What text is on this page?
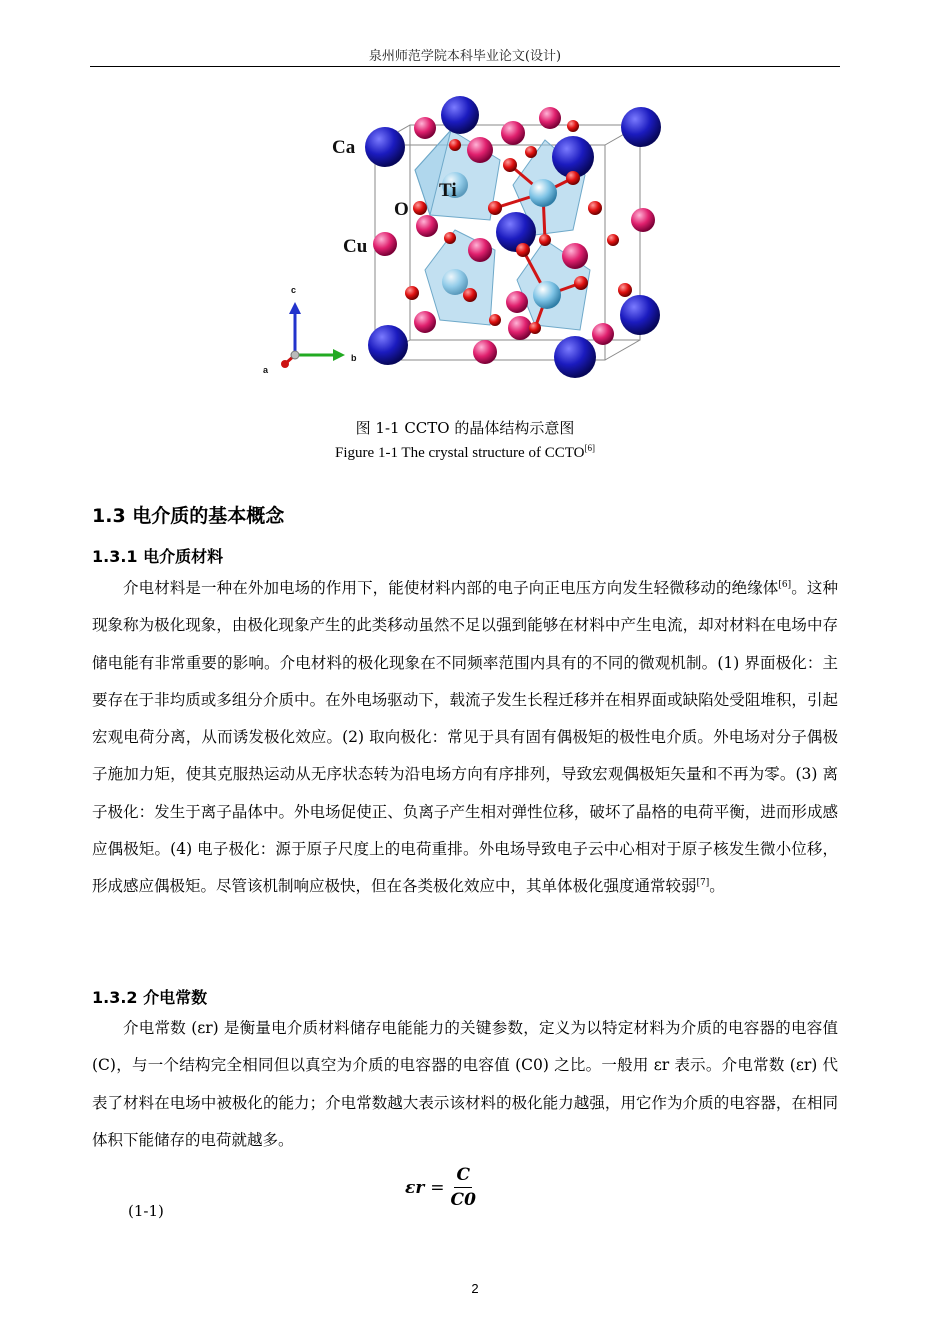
泉州师范学院本科毕业论文(设计)
Ca
Ti
O
Cu
c
b
a
图 1-1 CCTO 的晶体结构示意图
Figure 1-1 The crystal structure of CCTO[6]
1.3 电介质的基本概念
1.3.1 电介质材料

介电材料是一种在外加电场的作用下，能使材料内部的电子向正电压方向发生轻微移动的绝缘体[6]。这种现象称为极化现象，由极化现象产生的此类移动虽然不足以强到能够在材料中产生电流，却对材料在电场中存储电能有非常重要的影响。介电材料的极化现象在不同频率范围内具有的不同的微观机制。(1) 界面极化：主要存在于非均质或多组分介质中。在外电场驱动下，载流子发生长程迁移并在相界面或缺陷处受阻堆积，引起宏观电荷分离，从而诱发极化效应。(2) 取向极化：常见于具有固有偶极矩的极性电介质。外电场对分子偶极子施加力矩，使其克服热运动从无序状态转为沿电场方向有序排列，导致宏观偶极矩矢量和不再为零。(3) 离子极化：发生于离子晶体中。外电场促使正、负离子产生相对弹性位移，破坏了晶格的电荷平衡，进而形成感应偶极矩。(4) 电子极化：源于原子尺度上的电荷重排。外电场导致电子云中心相对于原子核发生微小位移，形成感应偶极矩。尽管该机制响应极快，但在各类极化效应中，其单体极化强度通常较弱[7]。

1.3.2 介电常数

介电常数 (εr) 是衡量电介质材料储存电能能力的关键参数，定义为以特定材料为介质的电容器的电容值 (C)，与一个结构完全相同但以真空为介质的电容器的电容值 (C0) 之比。一般用 εr 表示。介电常数 (εr) 代表了材料在电场中被极化的能力；介电常数越大表示该材料的极化能力越强，用它作为介质的电容器，在相同体积下能储存的电荷就越多。

$\varepsilon r = \frac{C}{C0}$
(1-1)
2
